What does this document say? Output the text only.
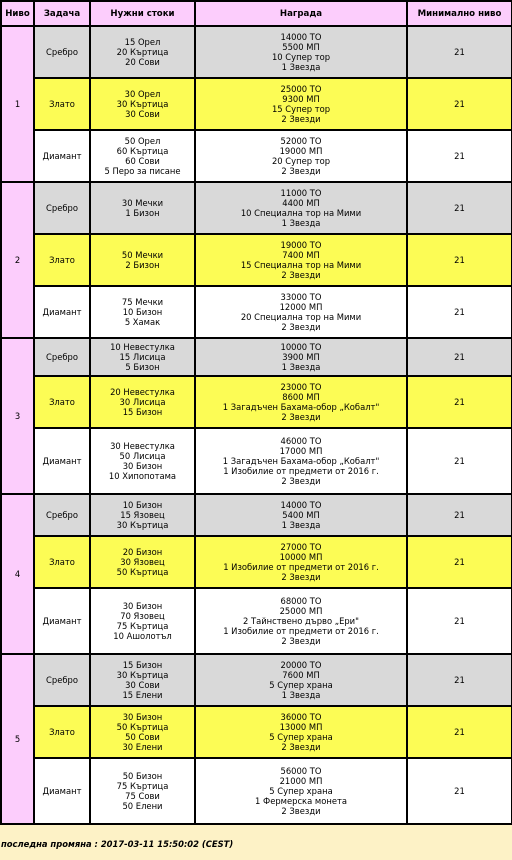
Ниво	Задача	Нужни стоки	Награда	Минимално ниво
1	Сребро	15 Орел
20 Къртица
20 Сови	14000 ТО
5500 МП
10 Супер тор
1 Звезда	21
	Злато	30 Орел
30 Къртица
30 Сови	25000 ТО
9300 МП
15 Супер тор
2 Звезди	21
	Диамант	50 Орел
60 Къртица
60 Сови
5 Перо за писане	52000 ТО
19000 МП
20 Супер тор
2 Звезди	21
2	Сребро	30 Мечки
1 Бизон	11000 ТО
4400 МП
10 Специална тор на Мими
1 Звезда	21
	Злато	50 Мечки
2 Бизон	19000 ТО
7400 МП
15 Специална тор на Мими
2 Звезди	21
	Диамант	75 Мечки
10 Бизон
5 Хамак	33000 ТО
12000 МП
20 Специална тор на Мими
2 Звезди	21
3	Сребро	10 Невестулка
15 Лисица
5 Бизон	10000 ТО
3900 МП
1 Звезда	21
	Злато	20 Невестулка
30 Лисица
15 Бизон	23000 ТО
8600 МП
1 Загадъчен Бахама-обор „Кобалт"
2 Звезди	21
	Диамант	30 Невестулка
50 Лисица
30 Бизон
10 Хипопотама	46000 ТО
17000 МП
1 Загадъчен Бахама-обор „Кобалт"
1 Изобилие от предмети от 2016 г.
2 Звезди	21
4	Сребро	10 Бизон
15 Язовец
30 Къртица	14000 ТО
5400 МП
1 Звезда	21
	Злато	20 Бизон
30 Язовец
50 Къртица	27000 ТО
10000 МП
1 Изобилие от предмети от 2016 г.
2 Звезди	21
	Диамант	30 Бизон
70 Язовец
75 Къртица
10 Ашолотъл	68000 ТО
25000 МП
2 Тайнствено дърво „Ери"
1 Изобилие от предмети от 2016 г.
2 Звезди	21
5	Сребро	15 Бизон
30 Къртица
30 Сови
15 Елени	20000 ТО
7600 МП
5 Супер храна
1 Звезда	21
	Злато	30 Бизон
50 Къртица
50 Сови
30 Елени	36000 ТО
13000 МП
5 Супер храна
2 Звезди	21
	Диамант	50 Бизон
75 Къртица
75 Сови
50 Елени	56000 ТО
21000 МП
5 Супер храна
1 Фермерска монета
2 Звезди	21
последна промяна : 2017-03-11 15:50:02 (CEST)
